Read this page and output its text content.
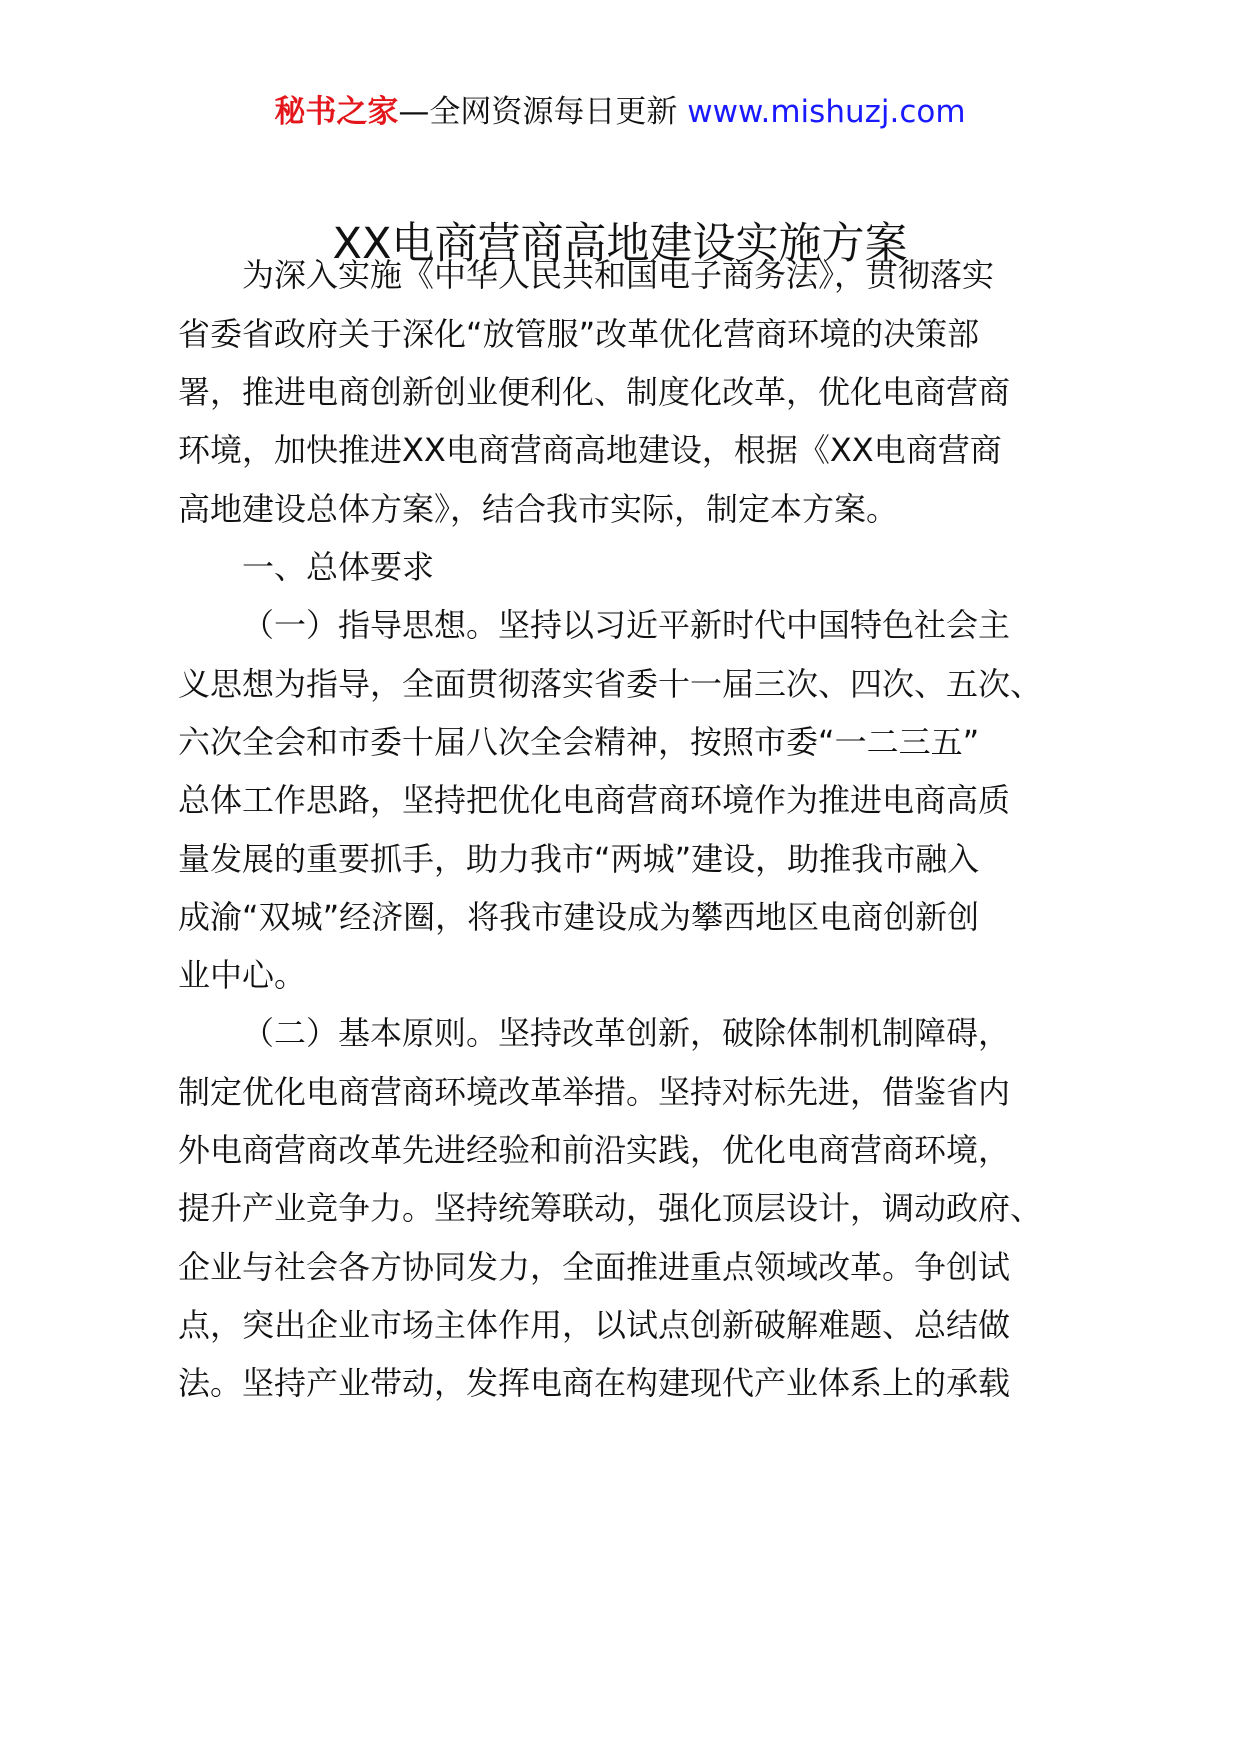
秘书之家—全网资源每日更新 www.mishuzj.com
XX电商营商高地建设实施方案
为深入实施《中华人民共和国电子商务法》，贯彻落实
省委省政府关于深化“放管服”改革优化营商环境的决策部
署，推进电商创新创业便利化、制度化改革，优化电商营商
环境，加快推进XX电商营商高地建设，根据《XX电商营商
高地建设总体方案》，结合我市实际，制定本方案。
一、总体要求
（一）指导思想。坚持以习近平新时代中国特色社会主
义思想为指导，全面贯彻落实省委十一届三次、四次、五次、
六次全会和市委十届八次全会精神，按照市委“一二三五”
总体工作思路，坚持把优化电商营商环境作为推进电商高质
量发展的重要抓手，助力我市“两城”建设，助推我市融入
成渝“双城”经济圈，将我市建设成为攀西地区电商创新创
业中心。
（二）基本原则。坚持改革创新，破除体制机制障碍，
制定优化电商营商环境改革举措。坚持对标先进，借鉴省内
外电商营商改革先进经验和前沿实践，优化电商营商环境，
提升产业竞争力。坚持统筹联动，强化顶层设计，调动政府、
企业与社会各方协同发力，全面推进重点领域改革。争创试
点，突出企业市场主体作用，以试点创新破解难题、总结做
法。坚持产业带动，发挥电商在构建现代产业体系上的承载
